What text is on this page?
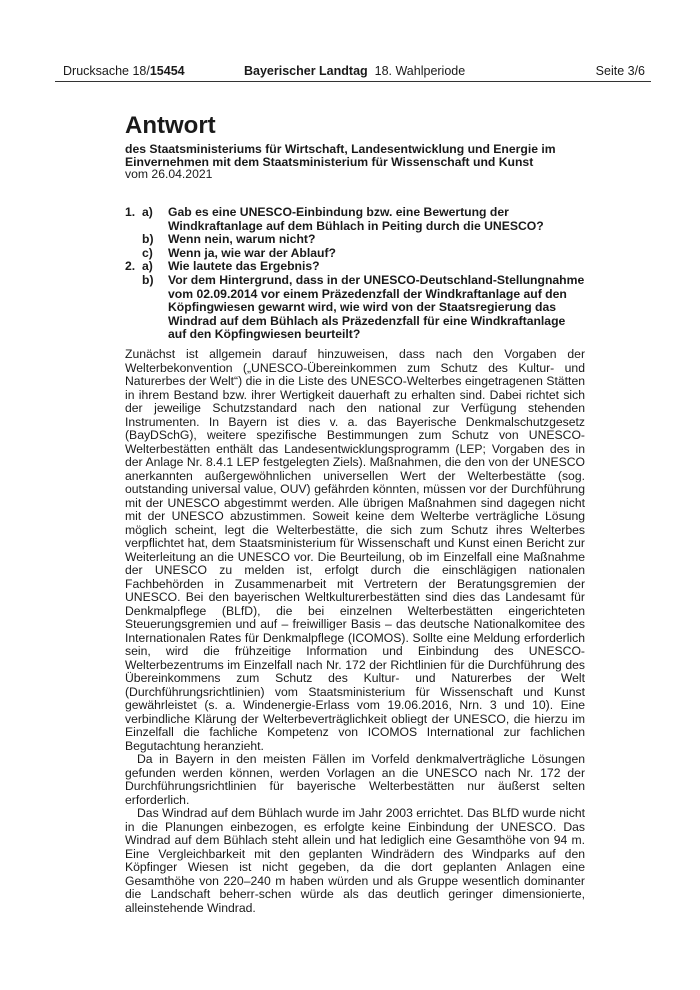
Drucksache 18/15454	Bayerischer Landtag 18. Wahlperiode	Seite 3/6
Antwort
des Staatsministeriums für Wirtschaft, Landesentwicklung und Energie im Einvernehmen mit dem Staatsministerium für Wissenschaft und Kunst
vom 26.04.2021
1. a)	Gab es eine UNESCO-Einbindung bzw. eine Bewertung der Windkraftanlage auf dem Bühlach in Peiting durch die UNESCO?
b)	Wenn nein, warum nicht?
c)	Wenn ja, wie war der Ablauf?
2. a)	Wie lautete das Ergebnis?
b)	Vor dem Hintergrund, dass in der UNESCO-Deutschland-Stellungnahme vom 02.09.2014 vor einem Präzedenzfall der Windkraftanlage auf den Köpfingwiesen gewarnt wird, wie wird von der Staatsregierung das Windrad auf dem Bühlach als Präzedenzfall für eine Windkraftanlage auf den Köpfingwiesen beurteilt?

Zunächst ist allgemein darauf hinzuweisen, dass nach den Vorgaben der Welterbekonvention („UNESCO-Übereinkommen zum Schutz des Kultur- und Naturerbes der Welt“) die in die Liste des UNESCO-Welterbes eingetragenen Stätten in ihrem Bestand bzw. ihrer Wertigkeit dauerhaft zu erhalten sind. Dabei richtet sich der jeweilige Schutzstandard nach den national zur Verfügung stehenden Instrumenten. In Bayern ist dies v. a. das Bayerische Denkmalschutzgesetz (BayDSchG), weitere spezifische Bestimmungen zum Schutz von UNESCO-Welterbestätten enthält das Landesentwicklungsprogramm (LEP; Vorgaben des in der Anlage Nr. 8.4.1 LEP festgelegten Ziels). Maßnahmen, die den von der UNESCO anerkannten außergewöhnlichen universellen Wert der Welterbestätte (sog. outstanding universal value, OUV) gefährden könnten, müssen vor der Durchführung mit der UNESCO abgestimmt werden. Alle übrigen Maßnahmen sind dagegen nicht mit der UNESCO abzustimmen. Soweit keine dem Welterbe verträgliche Lösung möglich scheint, legt die Welterbestätte, die sich zum Schutz ihres Welterbes verpflichtet hat, dem Staatsministerium für Wissenschaft und Kunst einen Bericht zur Weiterleitung an die UNESCO vor. Die Beurteilung, ob im Einzelfall eine Maßnahme der UNESCO zu melden ist, erfolgt durch die einschlägigen nationalen Fachbehörden in Zusammenarbeit mit Vertretern der Beratungsgremien der UNESCO. Bei den bayerischen Weltkulturerbestätten sind dies das Landesamt für Denkmalpflege (BLfD), die bei einzelnen Welterbestätten eingerichteten Steuerungsgremien und auf – freiwilliger Basis – das deutsche Nationalkomitee des Internationalen Rates für Denkmalpflege (ICOMOS). Sollte eine Meldung erforderlich sein, wird die frühzeitige Information und Einbindung des UNESCO-Welterbezentrums im Einzelfall nach Nr. 172 der Richtlinien für die Durchführung des Übereinkommens zum Schutz des Kultur- und Naturerbes der Welt (Durchführungsrichtlinien) vom Staatsministerium für Wissenschaft und Kunst gewährleistet (s. a. Windenergie-Erlass vom 19.06.2016, Nrn. 3 und 10). Eine verbindliche Klärung der Welterbeverträglichkeit obliegt der UNESCO, die hierzu im Einzelfall die fachliche Kompetenz von ICOMOS International zur fachlichen Begutachtung heranzieht.

Da in Bayern in den meisten Fällen im Vorfeld denkmalverträgliche Lösungen gefunden werden können, werden Vorlagen an die UNESCO nach Nr. 172 der Durchführungsrichtlinien für bayerische Welterbestätten nur äußerst selten erforderlich.

Das Windrad auf dem Bühlach wurde im Jahr 2003 errichtet. Das BLfD wurde nicht in die Planungen einbezogen, es erfolgte keine Einbindung der UNESCO. Das Windrad auf dem Bühlach steht allein und hat lediglich eine Gesamthöhe von 94 m. Eine Vergleichbarkeit mit den geplanten Windrädern des Windparks auf den Köpfinger Wiesen ist nicht gegeben, da die dort geplanten Anlagen eine Gesamthöhe von 220–240 m haben würden und als Gruppe wesentlich dominanter die Landschaft beherr-schen würde als das deutlich geringer dimensionierte, alleinstehende Windrad.
